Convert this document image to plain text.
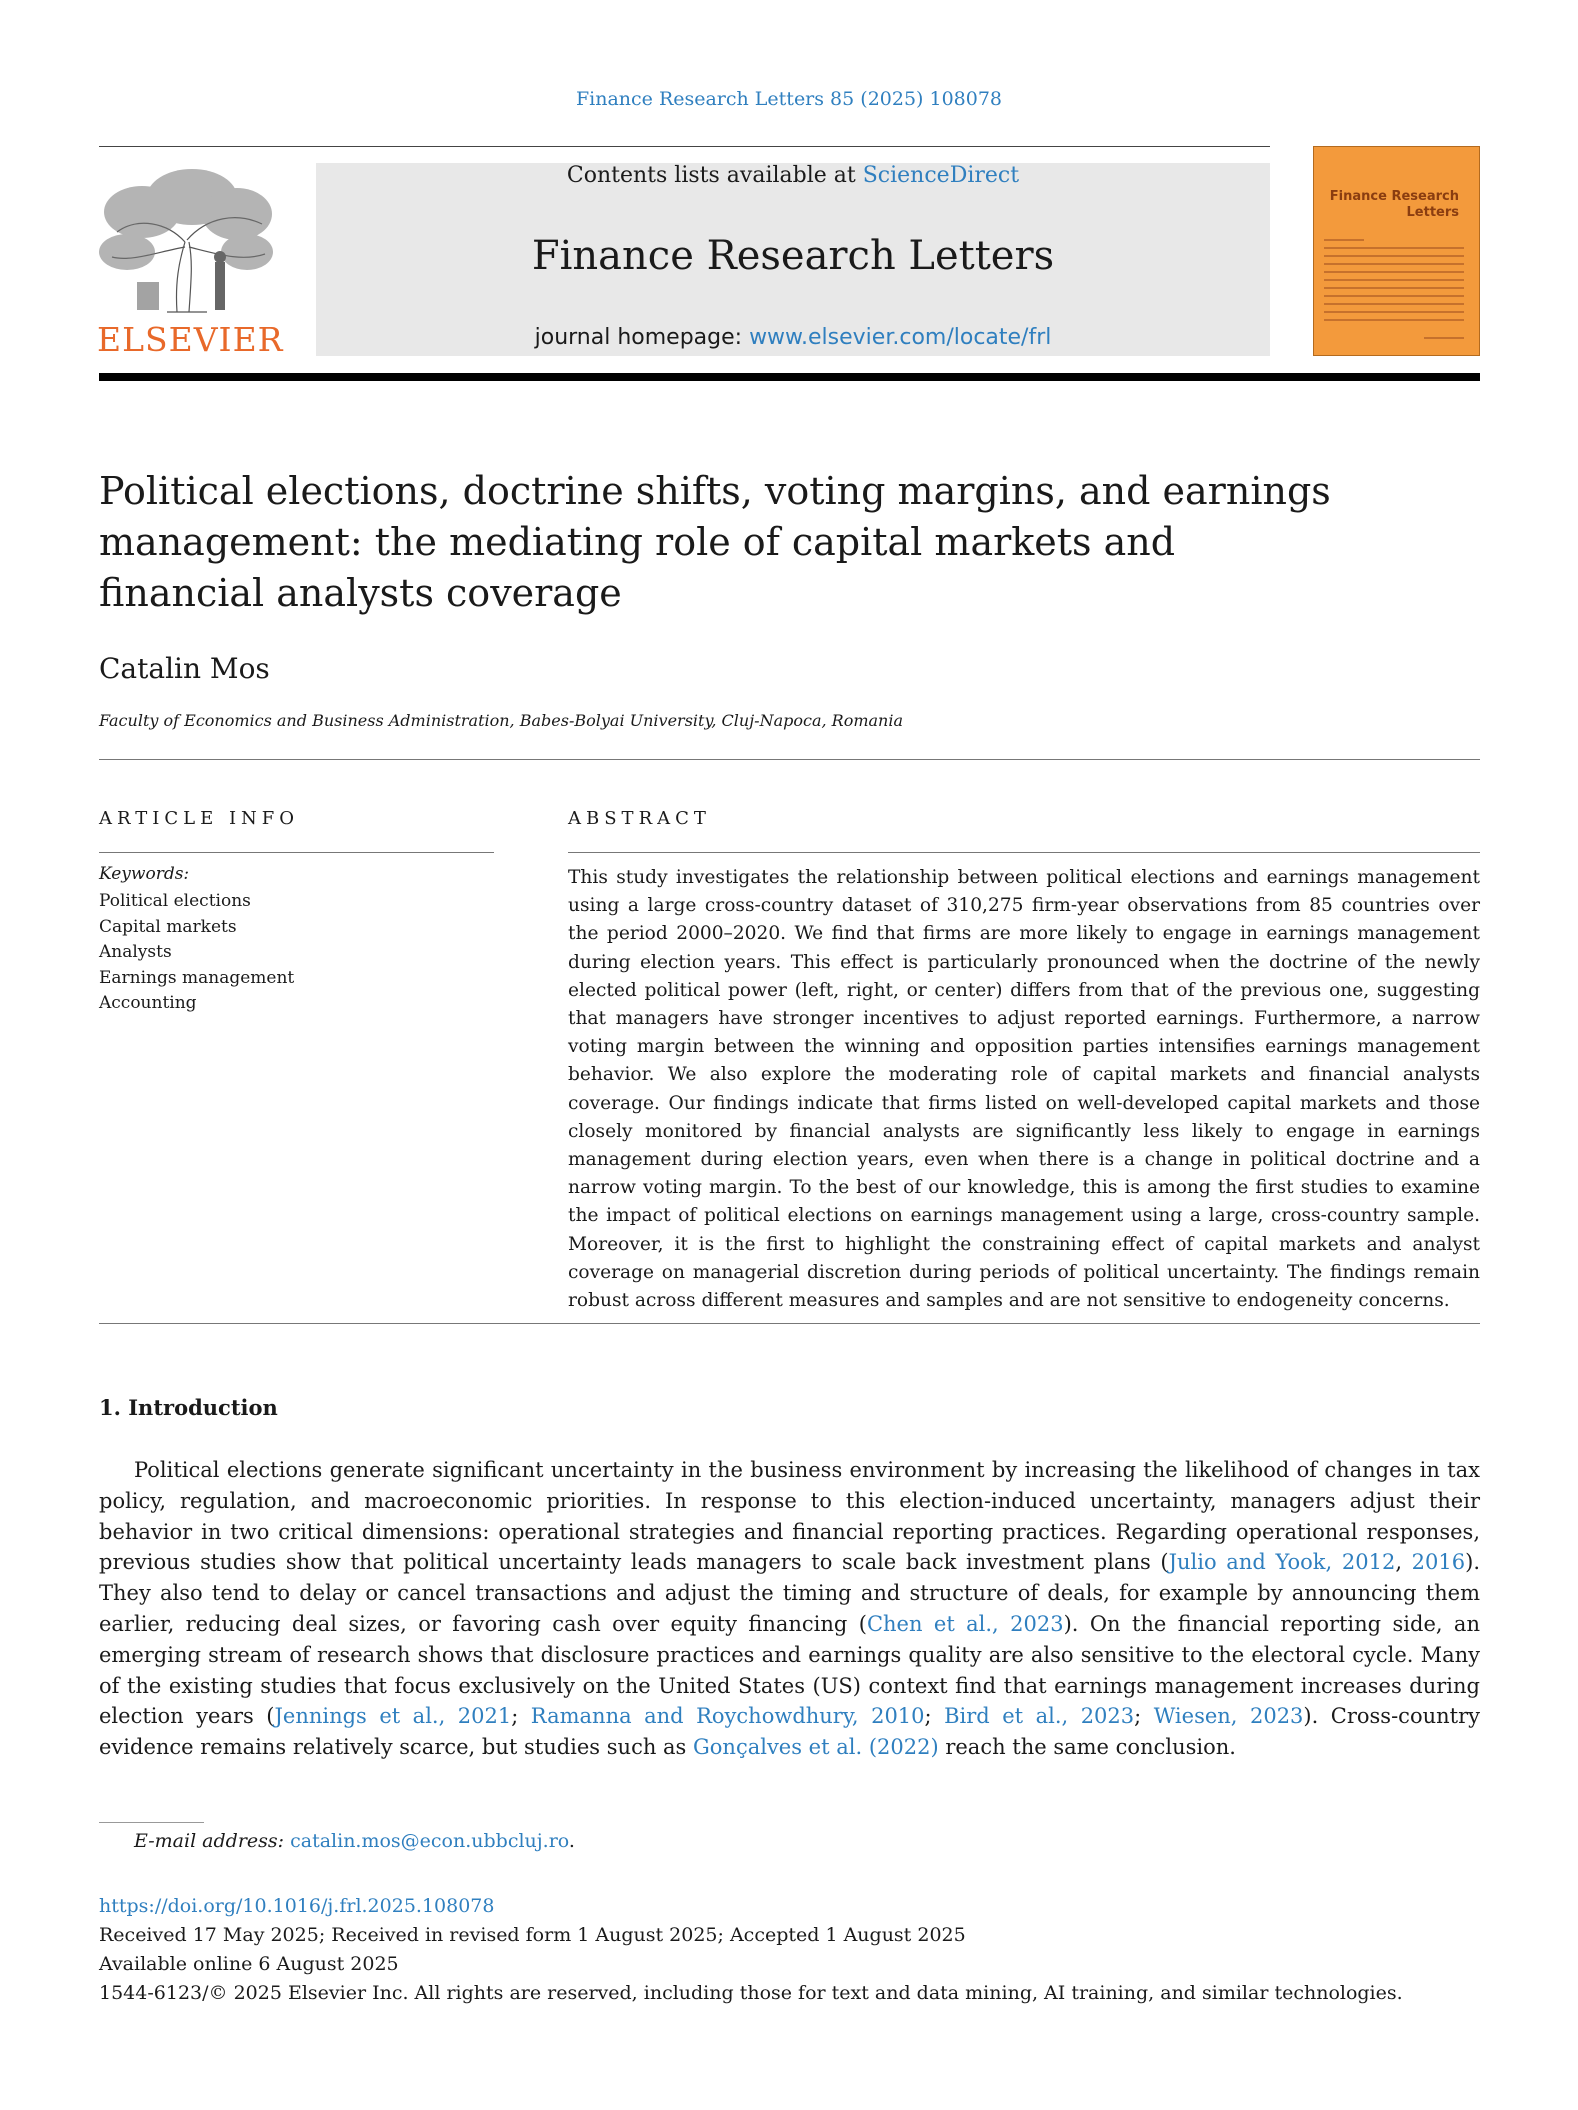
Finance Research Letters 85 (2025) 108078
ELSEVIER
Contents lists available at ScienceDirect
Finance Research Letters
journal homepage: www.elsevier.com/locate/frl
Finance Research Letters
Political elections, doctrine shifts, voting margins, and earnings management: the mediating role of capital markets and financial analysts coverage
Catalin Mos
Faculty of Economics and Business Administration, Babes-Bolyai University, Cluj-Napoca, Romania
ARTICLE INFO
Keywords:
Political elections
Capital markets
Analysts
Earnings management
Accounting
ABSTRACT
This study investigates the relationship between political elections and earnings management using a large cross-country dataset of 310,275 firm-year observations from 85 countries over the period 2000–2020. We find that firms are more likely to engage in earnings management during election years. This effect is particularly pronounced when the doctrine of the newly elected political power (left, right, or center) differs from that of the previous one, suggesting that managers have stronger incentives to adjust reported earnings. Furthermore, a narrow voting margin between the winning and opposition parties intensifies earnings management behavior. We also explore the moderating role of capital markets and financial analysts coverage. Our findings indicate that firms listed on well-developed capital markets and those closely monitored by financial analysts are significantly less likely to engage in earnings management during election years, even when there is a change in political doctrine and a narrow voting margin. To the best of our knowledge, this is among the first studies to examine the impact of political elections on earnings management using a large, cross-country sample. Moreover, it is the first to highlight the constraining effect of capital markets and analyst coverage on managerial discretion during periods of political uncertainty. The findings remain robust across different measures and samples and are not sensitive to endogeneity concerns.
1. Introduction
Political elections generate significant uncertainty in the business environment by increasing the likelihood of changes in tax policy, regulation, and macroeconomic priorities. In response to this election-induced uncertainty, managers adjust their behavior in two critical dimensions: operational strategies and financial reporting practices. Regarding operational responses, previous studies show that political uncertainty leads managers to scale back investment plans (Julio and Yook, 2012, 2016). They also tend to delay or cancel transactions and adjust the timing and structure of deals, for example by announcing them earlier, reducing deal sizes, or favoring cash over equity financing (Chen et al., 2023). On the financial reporting side, an emerging stream of research shows that disclosure practices and earnings quality are also sensitive to the electoral cycle. Many of the existing studies that focus exclusively on the United States (US) context find that earnings management increases during election years (Jennings et al., 2021; Ramanna and Roychowdhury, 2010; Bird et al., 2023; Wiesen, 2023). Cross-country evidence remains relatively scarce, but studies such as Gonçalves et al. (2022) reach the same conclusion.
E-mail address: catalin.mos@econ.ubbcluj.ro.
https://doi.org/10.1016/j.frl.2025.108078
Received 17 May 2025; Received in revised form 1 August 2025; Accepted 1 August 2025
Available online 6 August 2025
1544-6123/© 2025 Elsevier Inc. All rights are reserved, including those for text and data mining, AI training, and similar technologies.
